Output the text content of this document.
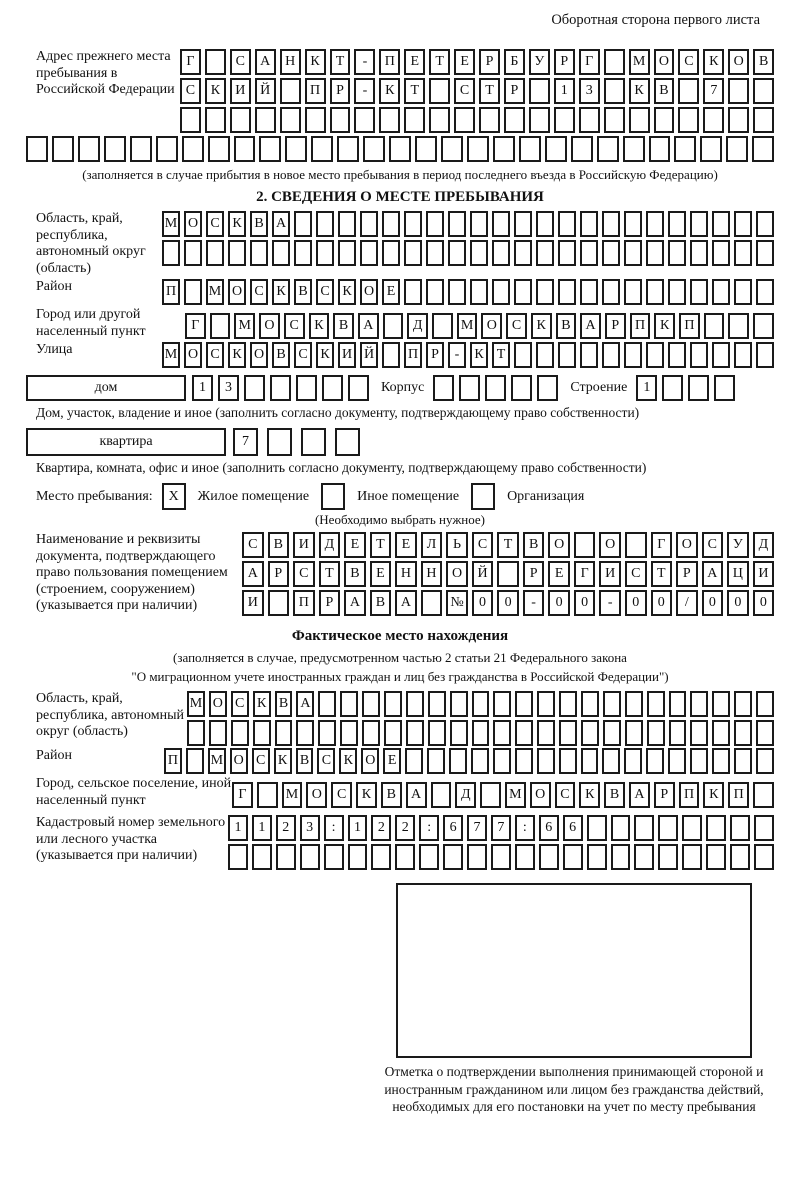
Оборотная сторона первого листа
Адрес прежнего места пребывания в Российской Федерации
Г	С	А	Н	К	Т	-	П	Е	Т	Е	Р	Б	У	Р	Г	М О	С	К	О	В
С	К	И	Й	П	Р	-	К	Т	С	Т	Р	1	3	К	В	7
(заполняется в случае прибытия в новое место пребывания в период последнего въезда в Российскую Федерацию)
2. СВЕДЕНИЯ О МЕСТЕ ПРЕБЫВАНИЯ
Область, край, республика, автономный округ (область)
М О С К В А
Район	П М О С К В С К О Е
Город или другой населенный пункт	Г	М О	С	К	В	А	Д	М О	С	К	В	А	Р	П	К	П
Улица	М О С К О В С К И Й П Р	-	К Т
дом	1	3	Корпус	Строение	1
Дом, участок, владение и иное (заполнить согласно документу, подтверждающему право собственности)
квартира	7
Квартира, комната, офис и иное (заполнить согласно документу, подтверждающему право собственности)
Место пребывания:	X	Жилое помещение	Иное помещение	Организация
(Необходимо выбрать нужное)
Наименование и реквизиты документа, подтверждающего право пользования помещением (строением, сооружением) (указывается при наличии)
С	В	И	Д	Е	Т	Е	Л	Ь	С	Т	В	О	О	Г	О	С	У	Д
А	Р	С	Т	В	Е	Н	Н	О	Й	Р	Е	Г	И	С	Т	Р	А	Ц	И
И	П	Р	А	В	А	№	0	0	-	0	0	-	0	0	/	0	0	0
Фактическое место нахождения
(заполняется в случае, предусмотренном частью 2 статьи 21 Федерального закона
"О миграционном учете иностранных граждан и лиц без гражданства в Российской Федерации")
Область, край, республика, автономный округ (область)
М О С К В А
Район	П М О С К В С К О Е
Город, сельское поселение, иной населенный пункт	Г	М О	С	К	В	А	Д	М О	С	К	В	А	Р	П	К	П
Кадастровый номер земельного или лесного участка (указывается при наличии)
1	1	2	3	:	1	2	2	:	6	7	7	:	6	6
Отметка о подтверждении выполнения принимающей стороной и иностранным гражданином или лицом без гражданства действий, необходимых для его постановки на учет по месту пребывания
